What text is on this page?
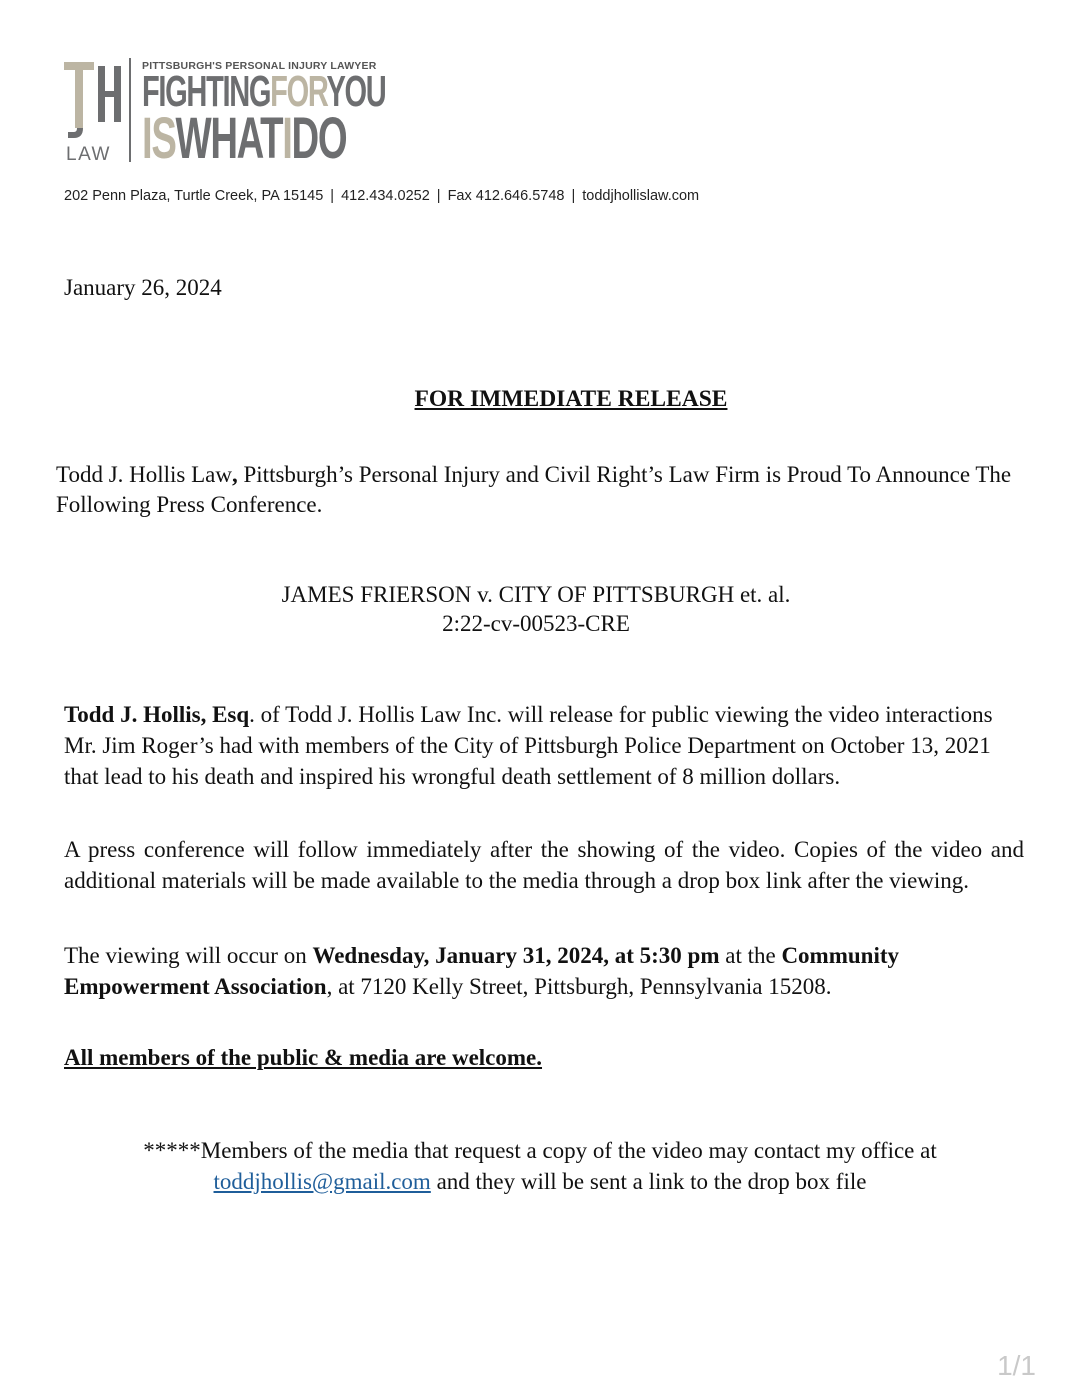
LAW
PITTSBURGH'S PERSONAL INJURY LAWYER
FIGHTINGFORYOU
ISWHATIDO
202 Penn Plaza, Turtle Creek, PA 15145 | 412.434.0252 | Fax 412.646.5748 | toddjhollislaw.com
January 26, 2024
FOR IMMEDIATE RELEASE
Todd J. Hollis Law, Pittsburgh’s Personal Injury and Civil Right’s Law Firm is Proud To Announce The Following Press Conference.
JAMES FRIERSON v. CITY OF PITTSBURGH et. al.
2:22-cv-00523-CRE
Todd J. Hollis, Esq. of Todd J. Hollis Law Inc. will release for public viewing the video interactions Mr. Jim Roger’s had with members of the City of Pittsburgh Police Department on October 13, 2021 that lead to his death and inspired his wrongful death settlement of 8 million dollars.
A press conference will follow immediately after the showing of the video. Copies of the video and additional materials will be made available to the media through a drop box link after the viewing.
The viewing will occur on Wednesday, January 31, 2024, at 5:30 pm at the Community Empowerment Association, at 7120 Kelly Street, Pittsburgh, Pennsylvania 15208.
All members of the public & media are welcome.
*****Members of the media that request a copy of the video may contact my office at
toddjhollis@gmail.com and they will be sent a link to the drop box file
1/1
